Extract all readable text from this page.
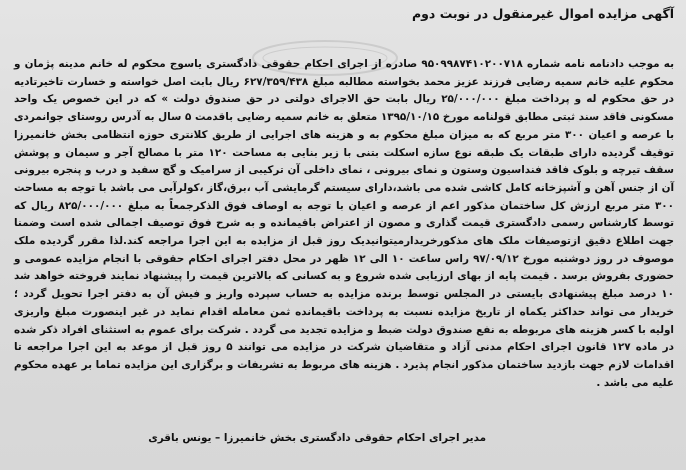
آگهی مزایده اموال غیرمنقول در نوبت دوم

به موجب دادنامه نامه شماره ۹۵۰۹۹۸۷۴۱۰۲۰۰۷۱۸ صادره از اجرای احکام حقوقی دادگستری یاسوج محکوم له خانم مدینه پژمان و محکوم علیه خانم سمیه رضایی فرزند عزیز محمد بخواسته مطالبه مبلغ ۶۲۷/۳۵۹/۴۳۸ ریال بابت اصل خواسته و خسارت تاخیرتادیه در حق محکوم له و پرداخت مبلغ ۲۵/۰۰۰/۰۰۰ ریال بابت حق الاجرای دولتی در حق صندوق دولت » که در این خصوص یک واحد مسکونی فاقد سند ثبتی مطابق قولنامه مورخ ۱۳۹۵/۱۰/۱۵ متعلق به خانم سمیه رضایی باقدمت ۵ سال به آدرس روستای جوانمردی با عرصه و اعیان ۳۰۰ متر مربع که به میزان مبلغ محکوم به و هزینه های اجرایی از طریق کلانتری حوزه انتظامی بخش خانمیرزا توقیف گردیده دارای طبقات یک طبقه نوع سازه اسکلت بتنی با زیر بنایی به مساحت ۱۲۰ متر با مصالح آجر و سیمان و پوشش سقف تیرچه و بلوک فاقد فنداسیون وستون و نمای بیرونی ، نمای داخلی آن ترکیبی از سرامیک و گچ سفید و درب و پنجره بیرونی آن از جنس آهن و آشپزخانه کامل کاشی شده می باشد،دارای سیستم گرمایشی آب ،برق،گاز ،کولرآبی می باشد با توجه به مساحت ۳۰۰ متر مربع ارزش کل ساختمان مذکور اعم از عرصه و اعیان با توجه به اوصاف فوق الذکرجمعاً به مبلغ ۸۲۵/۰۰۰/۰۰۰ ریال که توسط کارشناس رسمی دادگستری قیمت گذاری و مصون از اعتراض باقیمانده و به شرح فوق توصیف اجمالی شده است وضمنا جهت اطلاع دقیق ازتوصیفات ملک های مذکورخریدارمیتوانیدیک روز قبل از مزایده به این اجرا مراجعه کند.لذا مقرر گردیده ملک موصوف در روز دوشنبه مورخ ۹۷/۰۹/۱۲ راس ساعت ۱۰ الی ۱۲ ظهر در محل دفتر اجرای احکام حقوقی با انجام مزایده عمومی و حضوری بفروش برسد . قیمت پایه از بهای ارزیابی شده شروع و به کسانی که بالاترین قیمت را پیشنهاد نمایند فروخته خواهد شد ۱۰ درصد مبلغ پیشنهادی بایستی در المجلس توسط برنده مزایده به حساب سپرده واریز و فیش آن به دفتر اجرا تحویل گردد ؛ خریدار می تواند حداکثر یکماه از تاریخ مزایده نسبت به پرداخت باقیمانده ثمن معامله اقدام نماید در غیر اینصورت مبلغ واریزی اولیه با کسر هزینه های مربوطه به نفع صندوق دولت ضبط و مزایده تجدید می گردد . شرکت برای عموم به استثنای افراد ذکر شده در ماده ۱۲۷ قانون اجرای احکام مدنی آزاد و متقاضیان شرکت در مزایده می توانند ۵ روز قبل از موعد به این اجرا مراجعه تا اقدامات لازم جهت بازدید ساختمان مذکور انجام پذیرد . هزینه های مربوط به تشریفات و برگزاری این مزایده تماما بر عهده محکوم علیه می باشد .

مدیر اجرای احکام حقوقی دادگستری بخش خانمیرزا – یونس باقری
